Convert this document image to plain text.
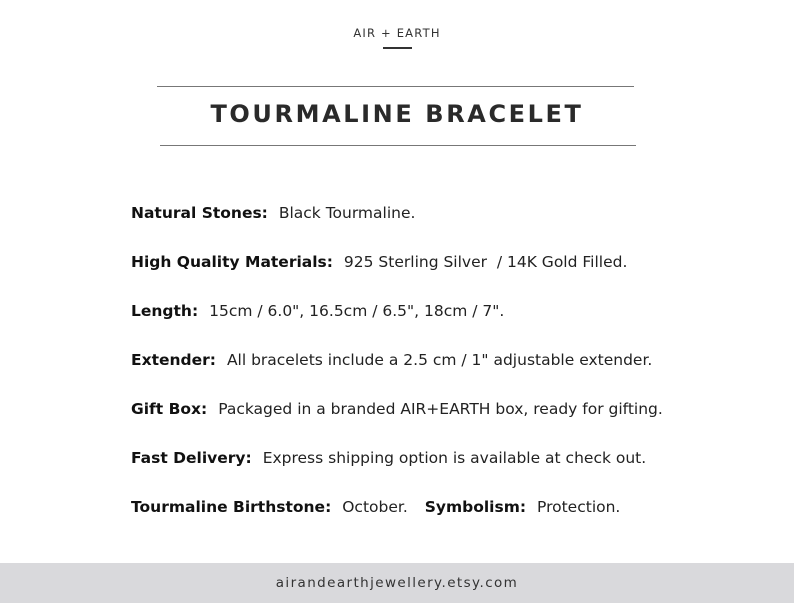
AIR + EARTH
TOURMALINE BRACELET
Natural Stones: Black Tourmaline.
High Quality Materials: 925 Sterling Silver  / 14K Gold Filled.
Length: 15cm / 6.0", 16.5cm / 6.5", 18cm / 7".
Extender: All bracelets include a 2.5 cm / 1" adjustable extender.
Gift Box: Packaged in a branded AIR+EARTH box, ready for gifting.
Fast Delivery: Express shipping option is available at check out.
Tourmaline Birthstone: October. Symbolism: Protection.
airandearthjewellery.etsy.com
